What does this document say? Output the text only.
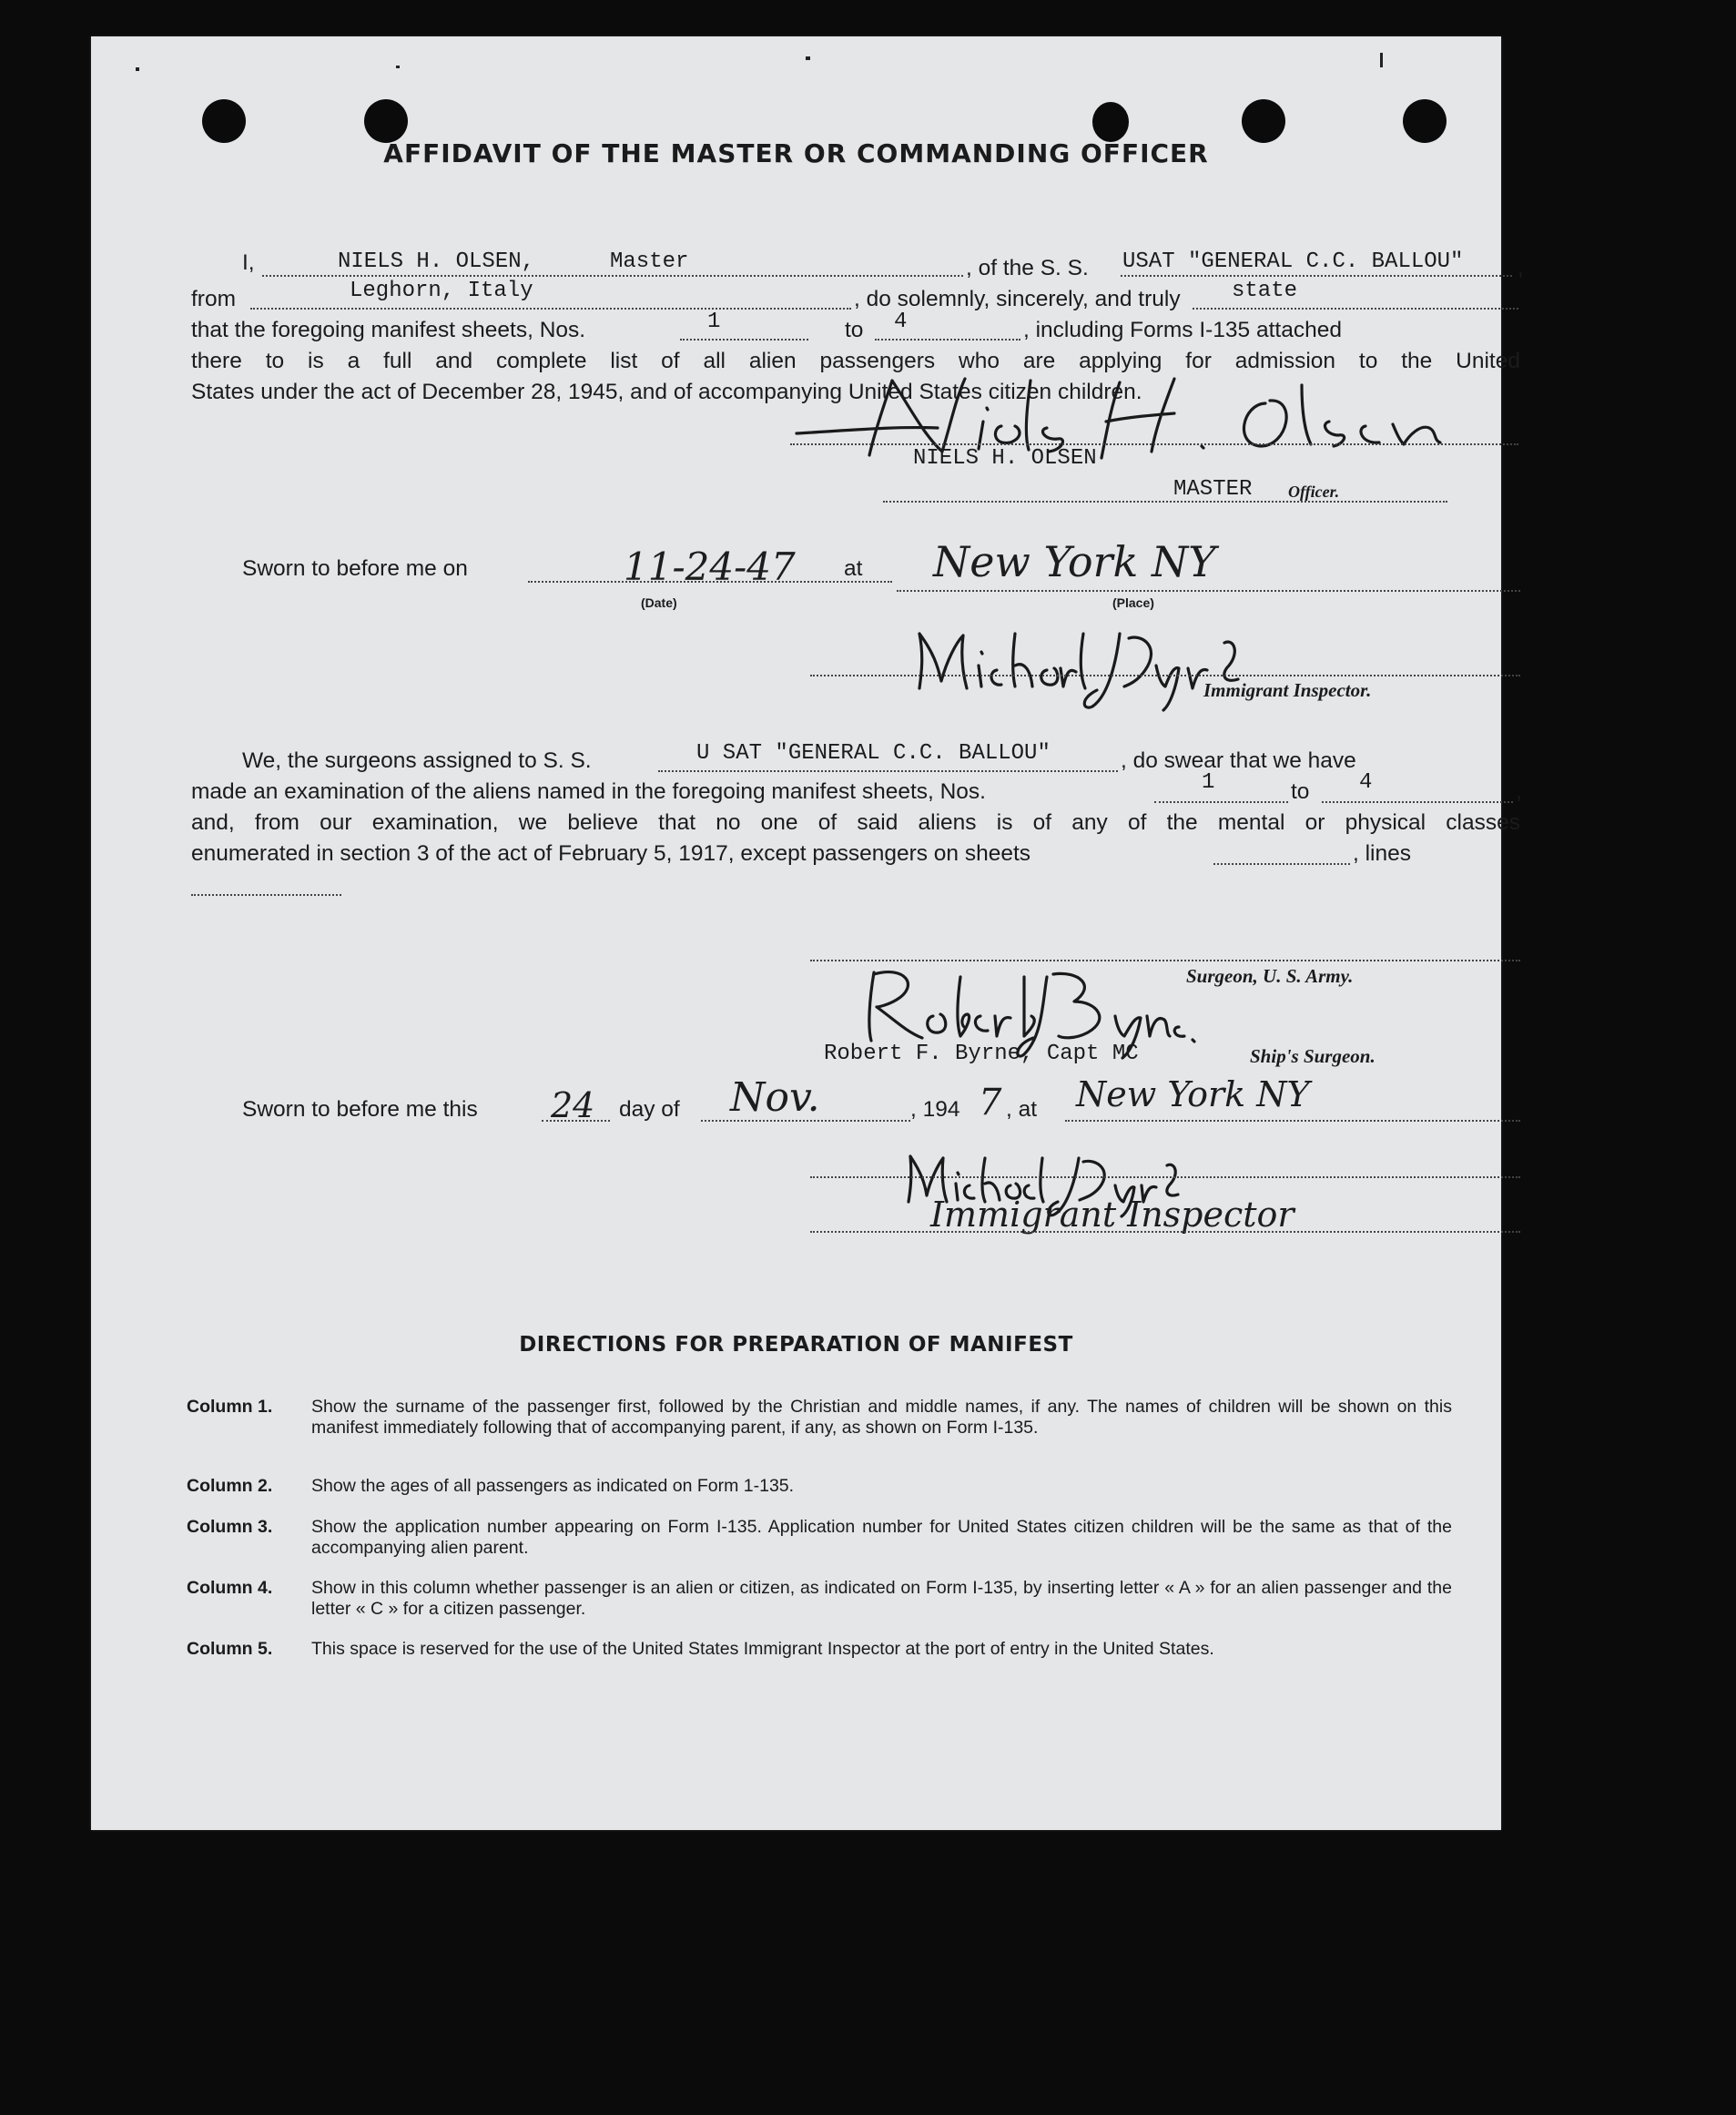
AFFIDAVIT OF THE MASTER OR COMMANDING OFFICER
I,	NIELS H. OLSEN,	Master	, of the S. S. USAT "GENERAL C.C. BALLOU" ,
from	Leghorn, Italy	, do solemnly, sincerely, and truly state
that the foregoing manifest sheets, Nos.	1	to 4	, including Forms I-135 attached
there to is a full and complete list of all alien passengers who are applying for admission to the United
States under the act of December 28, 1945, and of accompanying United States citizen children.
NIELS H. OLSEN
MASTER Officer.
Sworn to before me on	11-24-47
(Date)
at New York NY
(Place)
Immigrant Inspector.
We, the surgeons assigned to S. S.	U SAT "GENERAL C.C. BALLOU"	, do swear that we have
made an examination of the aliens named in the foregoing manifest sheets, Nos.	1	to 4	,
and, from our examination, we believe that no one of said aliens is of any of the mental or physical classes
enumerated in section 3 of the act of February 5, 1917, except passengers on sheets	, lines
Surgeon, U. S. Army.
Robert F. Byrne, Capt MC	Ship's Surgeon.
Sworn to before me this 24 day of Nov.	, 194 7 , at New York NY
Immigrant Inspector
DIRECTIONS FOR PREPARATION OF MANIFEST
Column 1.	Show the surname of the passenger first, followed by the Christian and middle names, if any. The names of children will be shown on this manifest immediately following that of accompanying parent, if any, as shown on Form I-135.
Column 2.	Show the ages of all passengers as indicated on Form 1-135.
Column 3.	Show the application number appearing on Form I-135. Application number for United States citizen children will be the same as that of the accompanying alien parent.
Column 4.	Show in this column whether passenger is an alien or citizen, as indicated on Form I-135, by inserting letter « A » for an alien passenger and the letter « C » for a citizen passenger.
Column 5.	This space is reserved for the use of the United States Immigrant Inspector at the port of entry in the United States.
